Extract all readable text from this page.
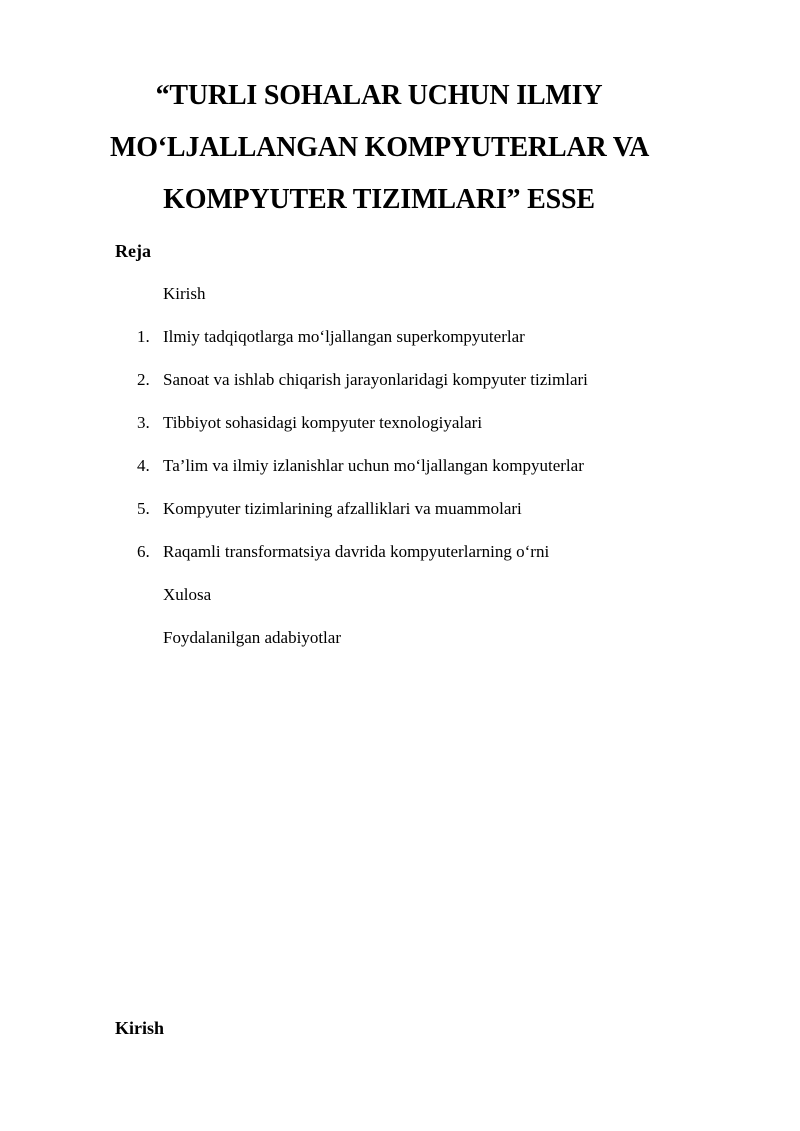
“TURLI SOHALAR UCHUN ILMIY
MO‘LJALLANGAN KOMPYUTERLAR VA
KOMPYUTER TIZIMLARI” ESSE
Reja
Kirish
1. Ilmiy tadqiqotlarga mo‘ljallangan superkompyuterlar
2. Sanoat va ishlab chiqarish jarayonlaridagi kompyuter tizimlari
3. Tibbiyot sohasidagi kompyuter texnologiyalari
4. Ta’lim va ilmiy izlanishlar uchun mo‘ljallangan kompyuterlar
5. Kompyuter tizimlarining afzalliklari va muammolari
6. Raqamli transformatsiya davrida kompyuterlarning o‘rni
Xulosa
Foydalanilgan adabiyotlar
Kirish
